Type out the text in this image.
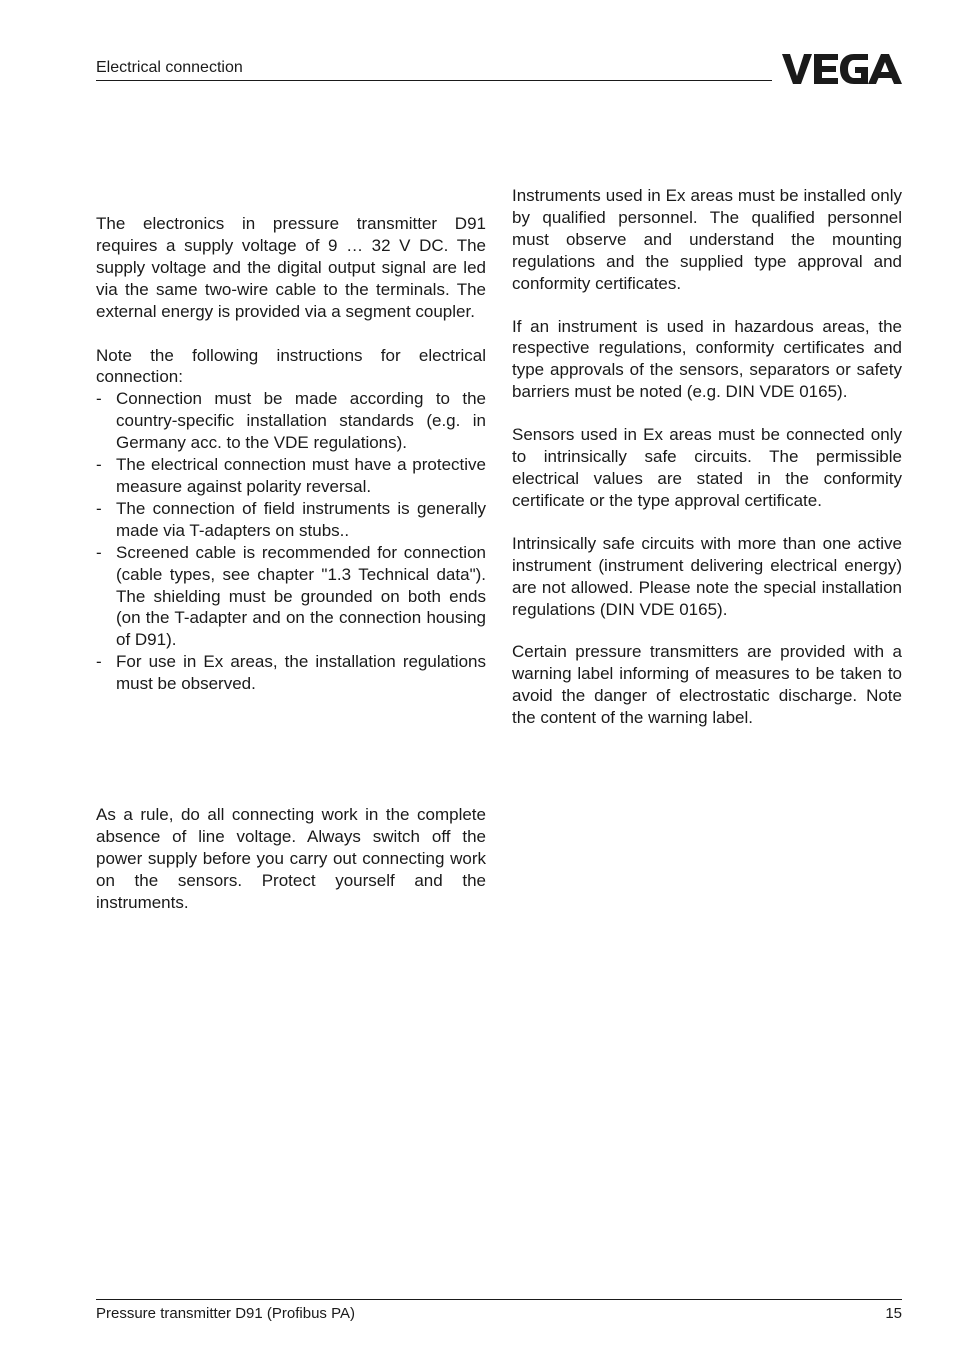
Electrical connection

The electronics in pressure transmitter D91 requires a supply voltage of 9 … 32 V DC. The supply voltage and the digital output signal are led via the same two-wire cable to the terminals. The external energy is provided via a segment coupler.

Note the following instructions for electrical connection:

- Connection must be made according to the country-specific installation standards (e.g. in Germany acc. to the VDE regulations).
- The electrical connection must have a protective measure against polarity reversal.
- The connection of field instruments is generally made via T-adapters on stubs..
- Screened cable is recommended for connection (cable types, see chapter "1.3 Technical data"). The shielding must be grounded on both ends (on the T-adapter and on the connection housing of D91).
- For use in Ex areas, the installation regulations must be observed.

As a rule, do all connecting work in the complete absence of line voltage. Always switch off the power supply before you carry out connecting work on the sensors. Protect yourself and the instruments.

Instruments used in Ex areas must be installed only by qualified personnel. The qualified personnel must observe and understand the mounting regulations and the supplied type approval and conformity certificates.

If an instrument is used in hazardous areas, the respective regulations, conformity certificates and type approvals of the sensors, separators or safety barriers must be noted (e.g. DIN VDE 0165).

Sensors used in Ex areas must be connected only to intrinsically safe circuits. The permissible electrical values are stated in the conformity certificate or the type approval certificate.

Intrinsically safe circuits with more than one active instrument (instrument delivering electrical energy) are not allowed. Please note the special installation regulations (DIN VDE 0165).

Certain pressure transmitters are provided with a warning label informing of measures to be taken to avoid the danger of electrostatic discharge. Note the content of the warning label.

Pressure transmitter D91 (Profibus PA)	15
